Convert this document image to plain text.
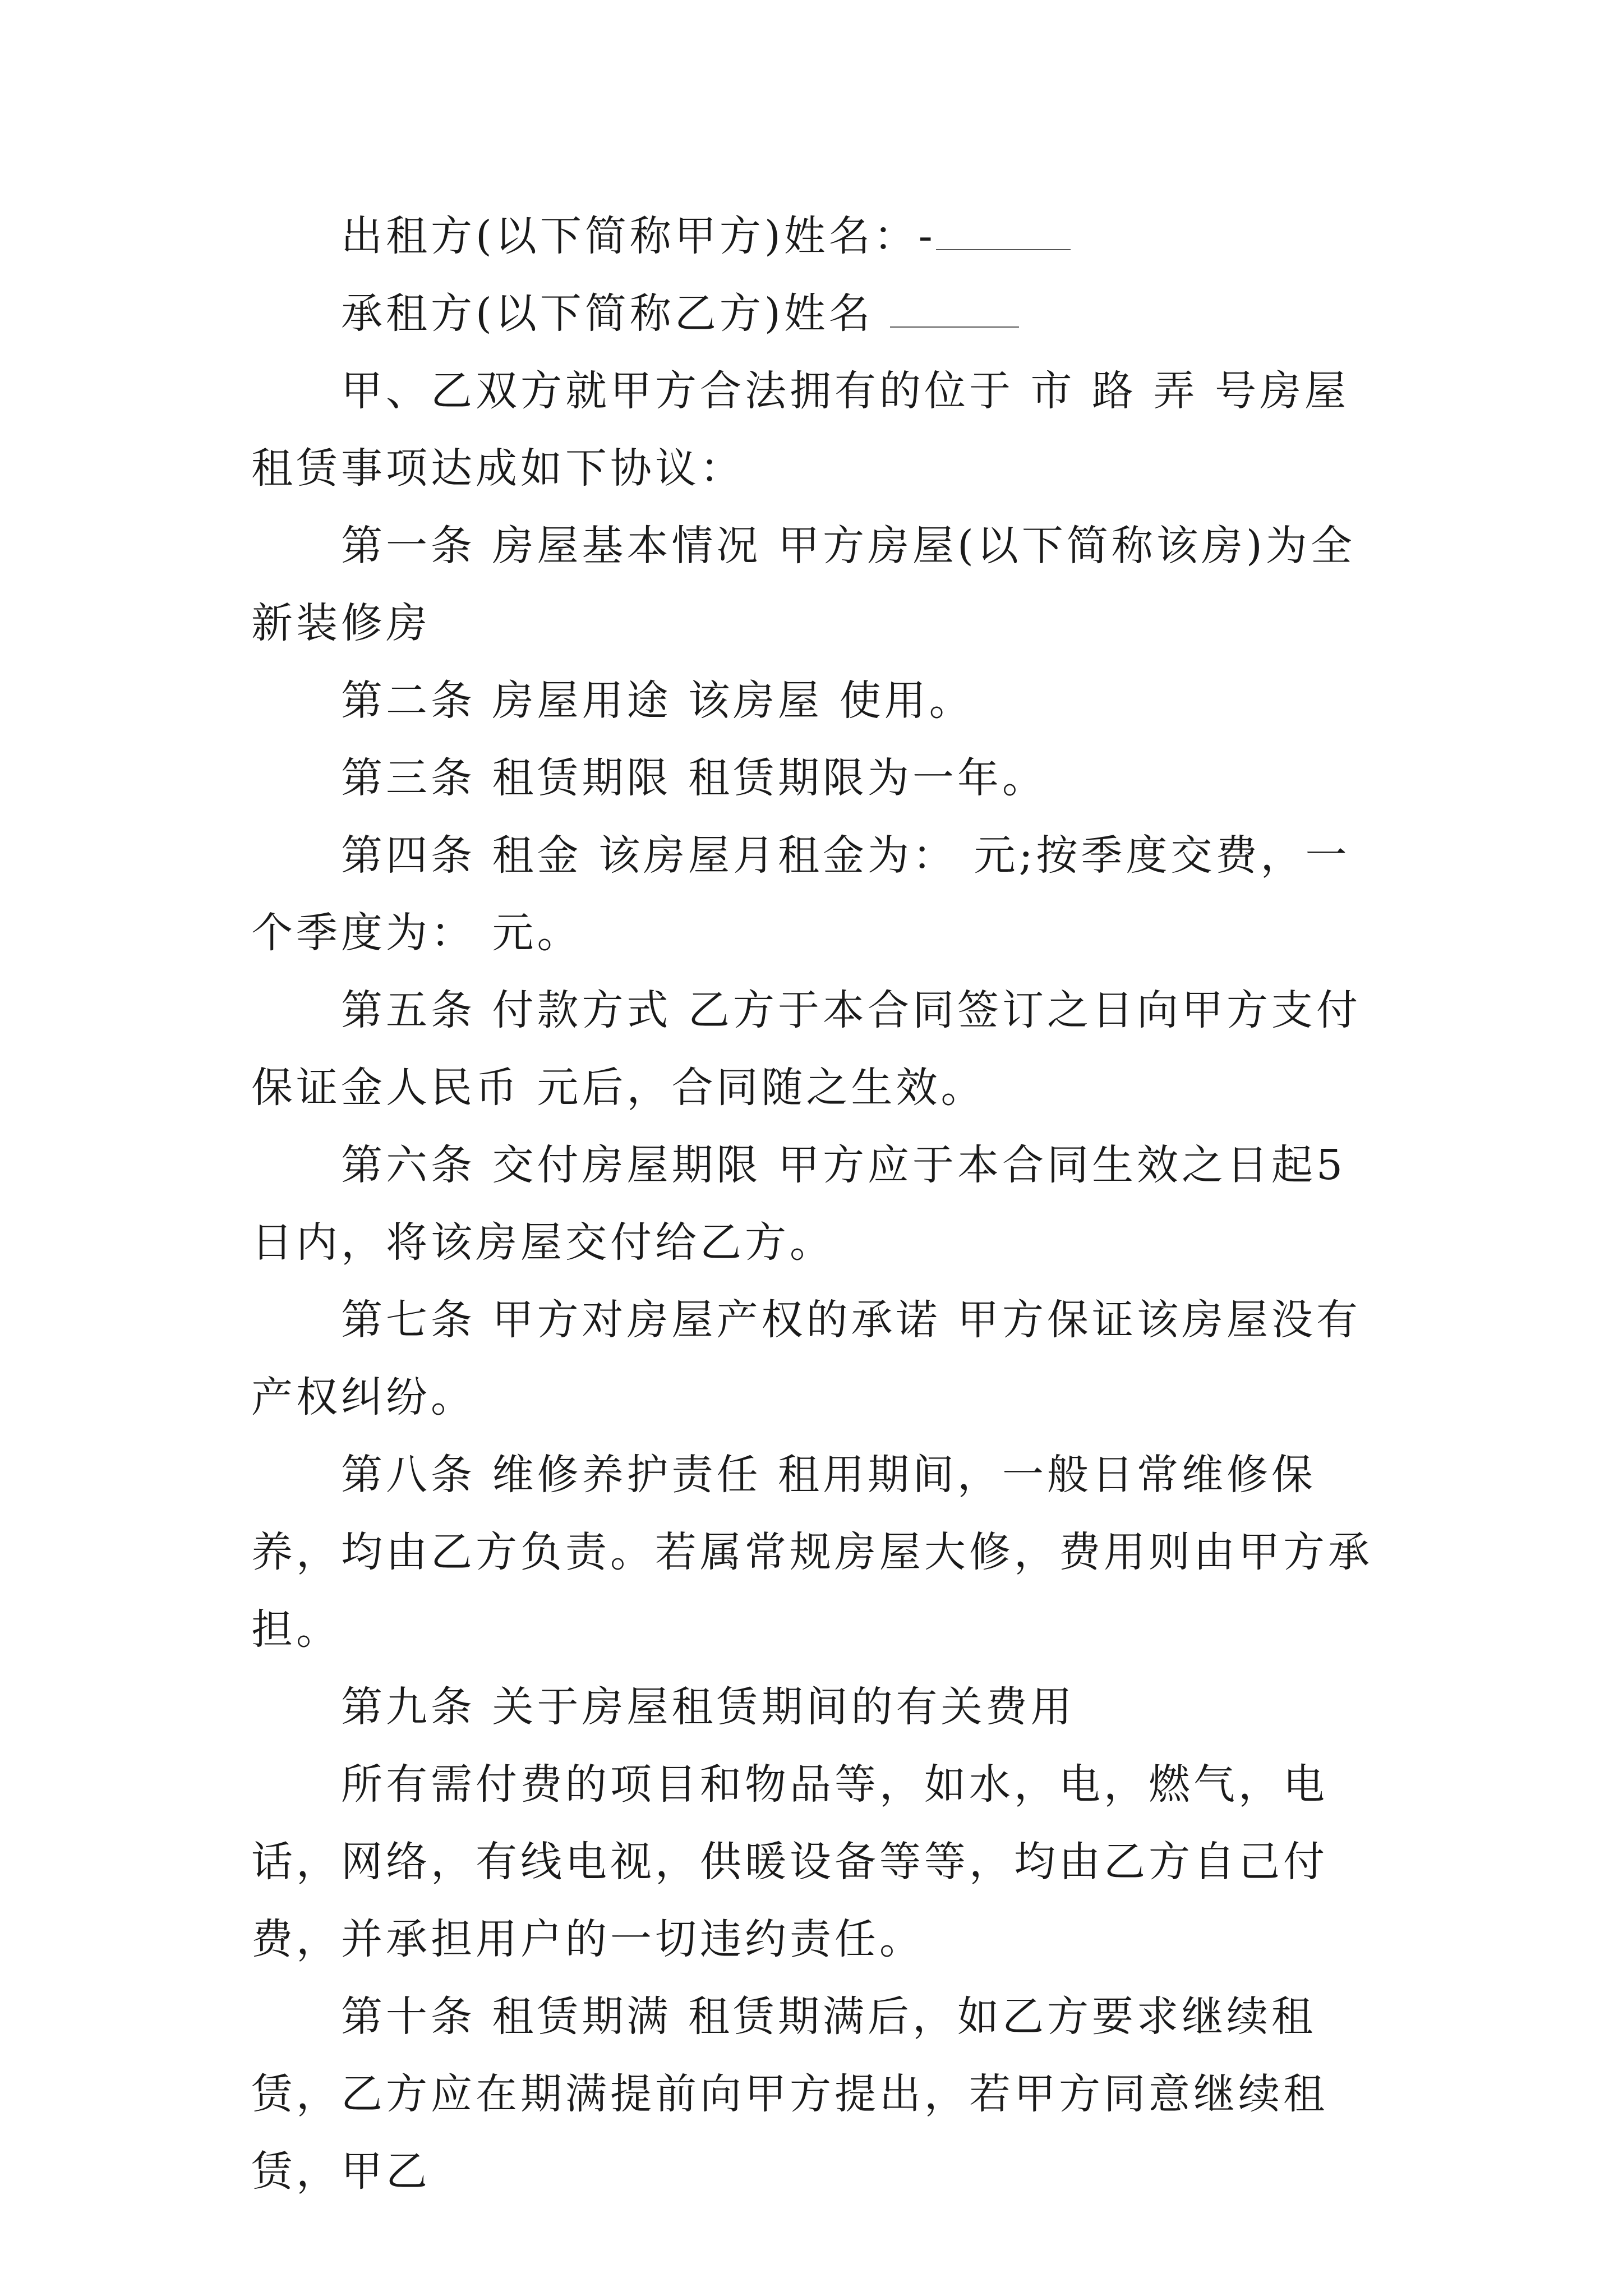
出租方(以下简称甲方)姓名：-

承租方(以下简称乙方)姓名

甲、乙双方就甲方合法拥有的位于 市 路 弄 号房屋租赁事项达成如下协议：

第一条 房屋基本情况 甲方房屋(以下简称该房)为全新装修房

第二条 房屋用途 该房屋 使用。

第三条 租赁期限 租赁期限为一年。

第四条 租金 该房屋月租金为： 元;按季度交费，一个季度为： 元。

第五条 付款方式 乙方于本合同签订之日向甲方支付保证金人民币 元后，合同随之生效。

第六条 交付房屋期限 甲方应于本合同生效之日起5日内，将该房屋交付给乙方。

第七条 甲方对房屋产权的承诺 甲方保证该房屋没有产权纠纷。

第八条 维修养护责任 租用期间，一般日常维修保养，均由乙方负责。若属常规房屋大修，费用则由甲方承担。

第九条 关于房屋租赁期间的有关费用

所有需付费的项目和物品等，如水，电，燃气，电话，网络，有线电视，供暖设备等等，均由乙方自己付费，并承担用户的一切违约责任。

第十条 租赁期满 租赁期满后，如乙方要求继续租赁，乙方应在期满提前向甲方提出，若甲方同意继续租赁，甲乙
